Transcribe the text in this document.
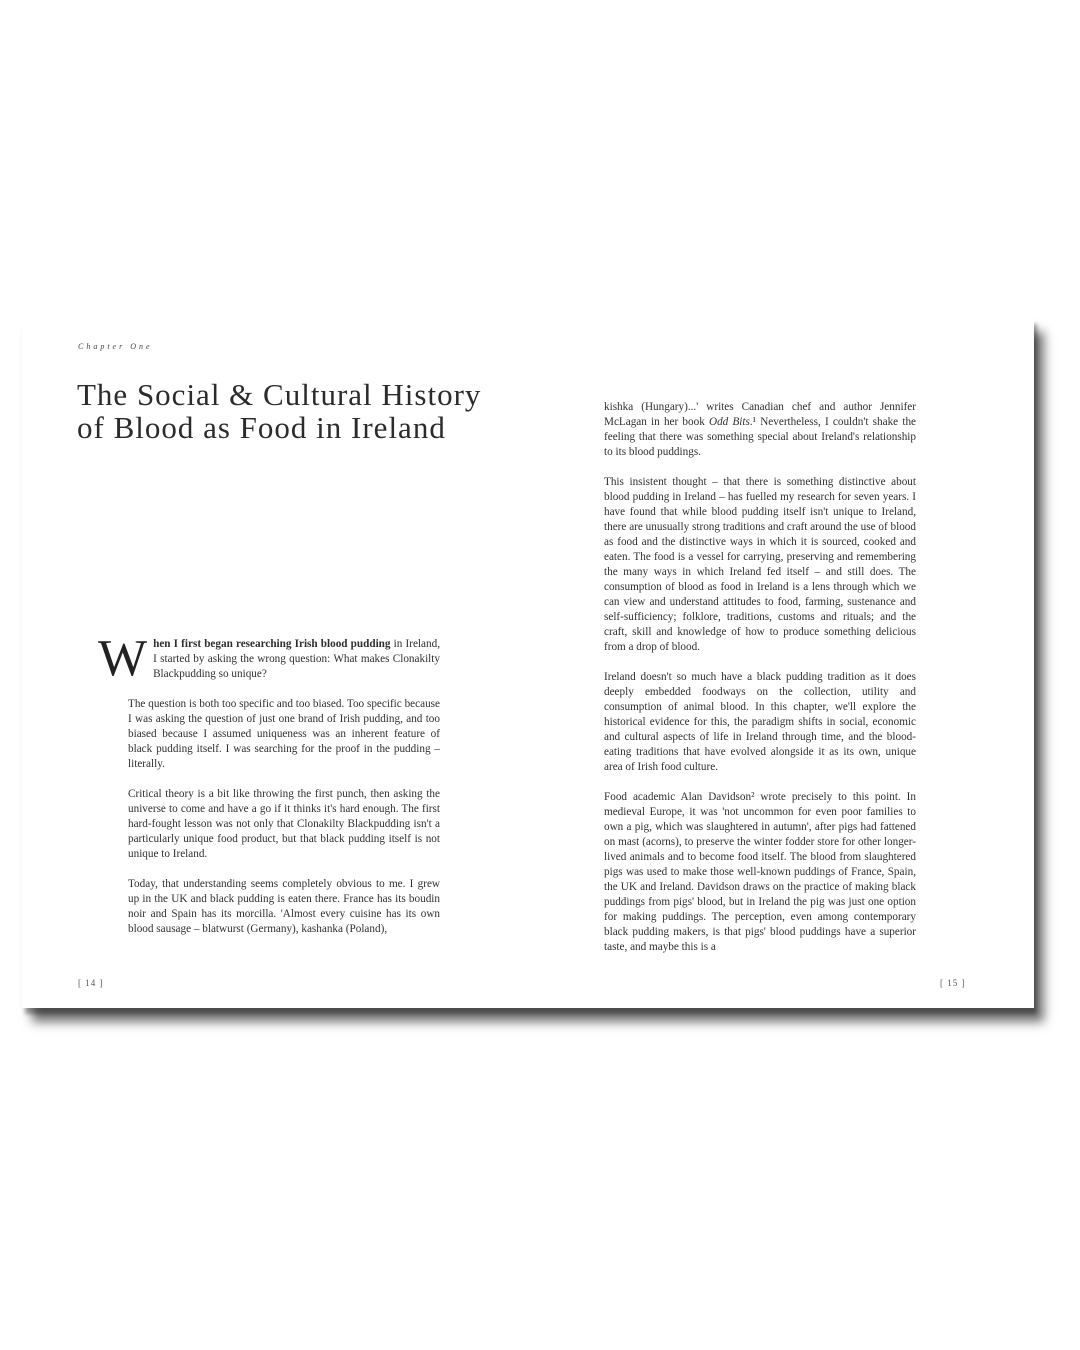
Chapter One
The Social & Cultural History of Blood as Food in Ireland

When I first began researching Irish blood pudding in Ireland, I started by asking the wrong question: What makes Clonakilty Blackpudding so unique?

The question is both too specific and too biased. Too specific because I was asking the question of just one brand of Irish pudding, and too biased because I assumed uniqueness was an inherent feature of black pudding itself. I was searching for the proof in the pudding – literally.

Critical theory is a bit like throwing the first punch, then asking the universe to come and have a go if it thinks it's hard enough. The first hard-fought lesson was not only that Clonakilty Blackpudding isn't a particularly unique food product, but that black pudding itself is not unique to Ireland.

Today, that understanding seems completely obvious to me. I grew up in the UK and black pudding is eaten there. France has its boudin noir and Spain has its morcilla. 'Almost every cuisine has its own blood sausage – blatwurst (Germany), kashanka (Poland),

[ 14 ]

kishka (Hungary)...' writes Canadian chef and author Jennifer McLagan in her book Odd Bits.¹ Nevertheless, I couldn't shake the feeling that there was something special about Ireland's relationship to its blood puddings.

This insistent thought – that there is something distinctive about blood pudding in Ireland – has fuelled my research for seven years. I have found that while blood pudding itself isn't unique to Ireland, there are unusually strong traditions and craft around the use of blood as food and the distinctive ways in which it is sourced, cooked and eaten. The food is a vessel for carrying, preserving and remembering the many ways in which Ireland fed itself – and still does. The consumption of blood as food in Ireland is a lens through which we can view and understand attitudes to food, farming, sustenance and self-sufficiency; folklore, traditions, customs and rituals; and the craft, skill and knowledge of how to produce something delicious from a drop of blood.

Ireland doesn't so much have a black pudding tradition as it does deeply embedded foodways on the collection, utility and consumption of animal blood. In this chapter, we'll explore the historical evidence for this, the paradigm shifts in social, economic and cultural aspects of life in Ireland through time, and the blood-eating traditions that have evolved alongside it as its own, unique area of Irish food culture.

Food academic Alan Davidson² wrote precisely to this point. In medieval Europe, it was 'not uncommon for even poor families to own a pig, which was slaughtered in autumn', after pigs had fattened on mast (acorns), to preserve the winter fodder store for other longer-lived animals and to become food itself. The blood from slaughtered pigs was used to make those well-known puddings of France, Spain, the UK and Ireland. Davidson draws on the practice of making black puddings from pigs' blood, but in Ireland the pig was just one option for making puddings. The perception, even among contemporary black pudding makers, is that pigs' blood puddings have a superior taste, and maybe this is a

[ 15 ]
